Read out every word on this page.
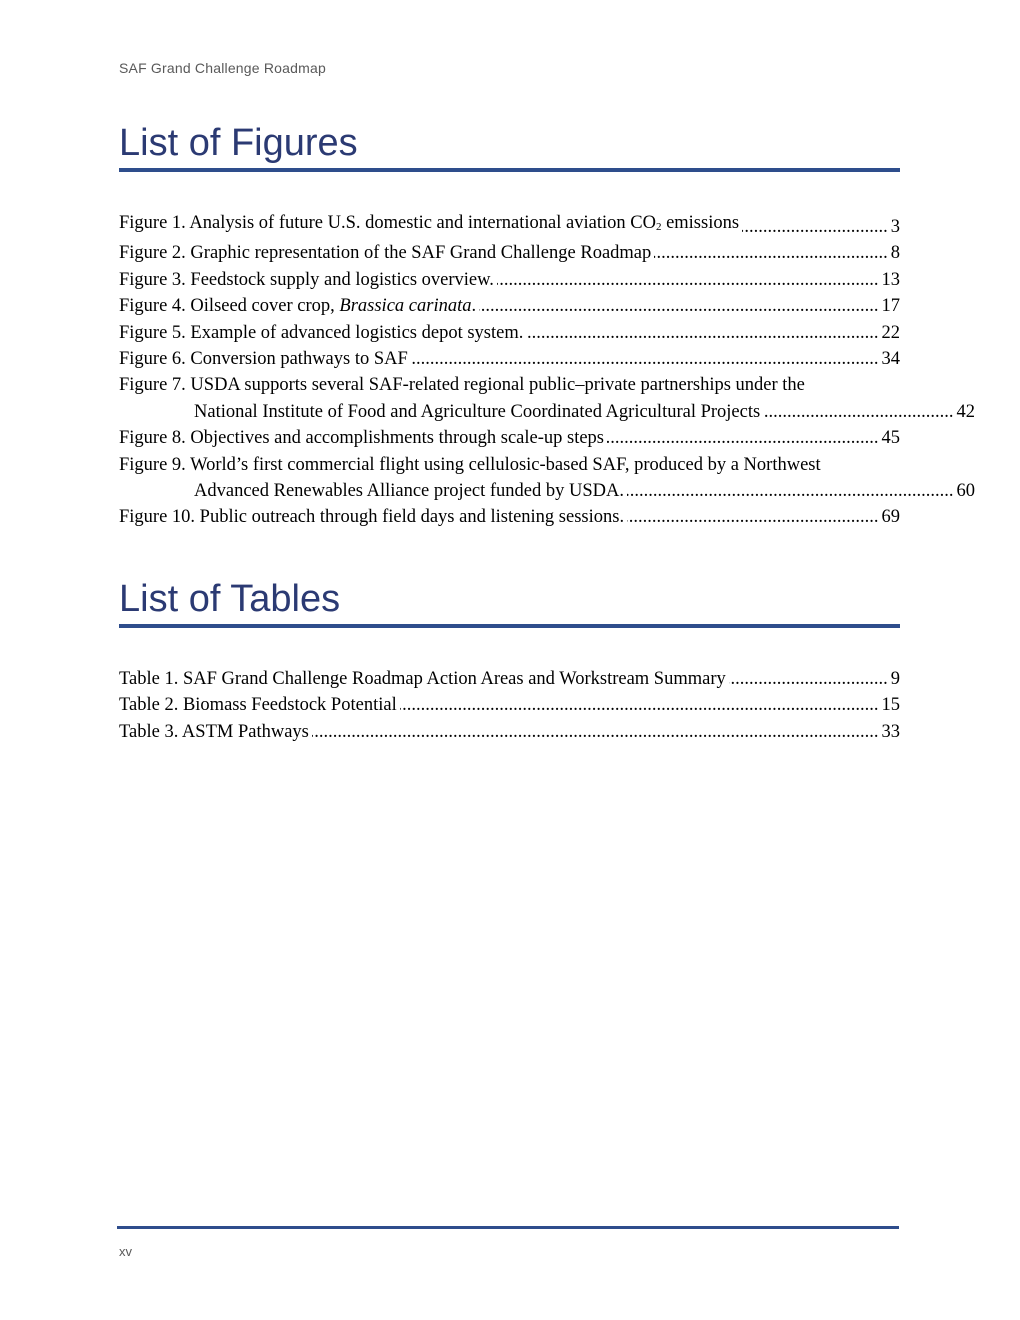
SAF Grand Challenge Roadmap
List of Figures
Figure 1. Analysis of future U.S. domestic and international aviation $CO_2$ emissions .....	3
Figure 2. Graphic representation of the SAF Grand Challenge Roadmap .....	8
Figure 3. Feedstock supply and logistics overview. .....	13
Figure 4. Oilseed cover crop, Brassica carinata. .....	17
Figure 5. Example of advanced logistics depot system. .....	22
Figure 6. Conversion pathways to SAF .....	34
Figure 7. USDA supports several SAF-related regional public–private partnerships under the
National Institute of Food and Agriculture Coordinated Agricultural Projects .....	42
Figure 8. Objectives and accomplishments through scale-up steps .....	45
Figure 9. World’s first commercial flight using cellulosic-based SAF, produced by a Northwest
Advanced Renewables Alliance project funded by USDA. .....	60
Figure 10. Public outreach through field days and listening sessions. .....	69
List of Tables
Table 1. SAF Grand Challenge Roadmap Action Areas and Workstream Summary .....	9
Table 2. Biomass Feedstock Potential .....	15
Table 3. ASTM Pathways .....	33
xv
